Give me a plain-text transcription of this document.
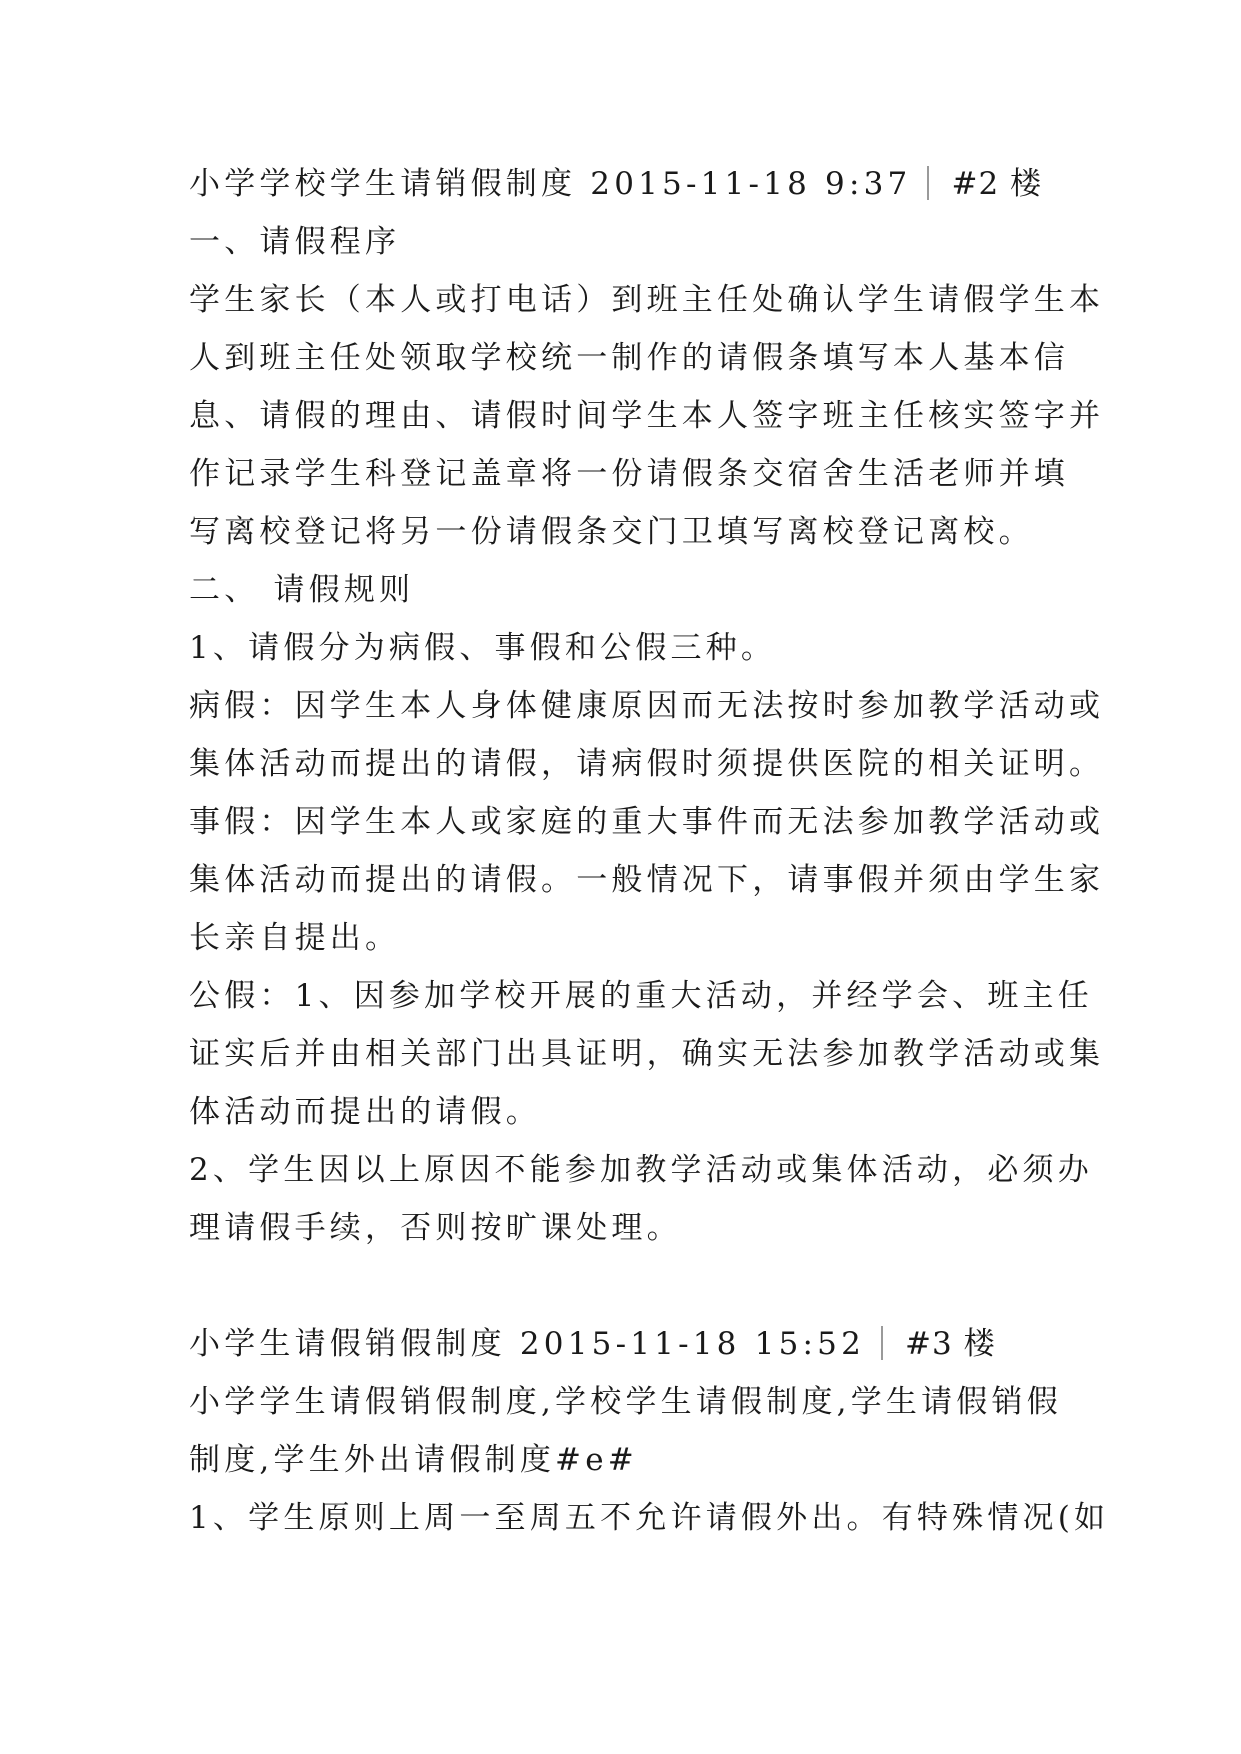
小学学校学生请销假制度 2015-11-18 9:37 #2 楼
一、请假程序
学生家长（本人或打电话）到班主任处确认学生请假学生本
人到班主任处领取学校统一制作的请假条填写本人基本信
息、请假的理由、请假时间学生本人签字班主任核实签字并
作记录学生科登记盖章将一份请假条交宿舍生活老师并填
写离校登记将另一份请假条交门卫填写离校登记离校。
二、 请假规则
1、请假分为病假、事假和公假三种。
病假：因学生本人身体健康原因而无法按时参加教学活动或
集体活动而提出的请假，请病假时须提供医院的相关证明。
事假：因学生本人或家庭的重大事件而无法参加教学活动或
集体活动而提出的请假。一般情况下，请事假并须由学生家
长亲自提出。
公假：1、因参加学校开展的重大活动，并经学会、班主任
证实后并由相关部门出具证明，确实无法参加教学活动或集
体活动而提出的请假。
2、学生因以上原因不能参加教学活动或集体活动，必须办
理请假手续，否则按旷课处理。
小学生请假销假制度 2015-11-18 15:52 #3 楼
小学学生请假销假制度,学校学生请假制度,学生请假销假
制度,学生外出请假制度#e#
1、学生原则上周一至周五不允许请假外出。有特殊情况(如
